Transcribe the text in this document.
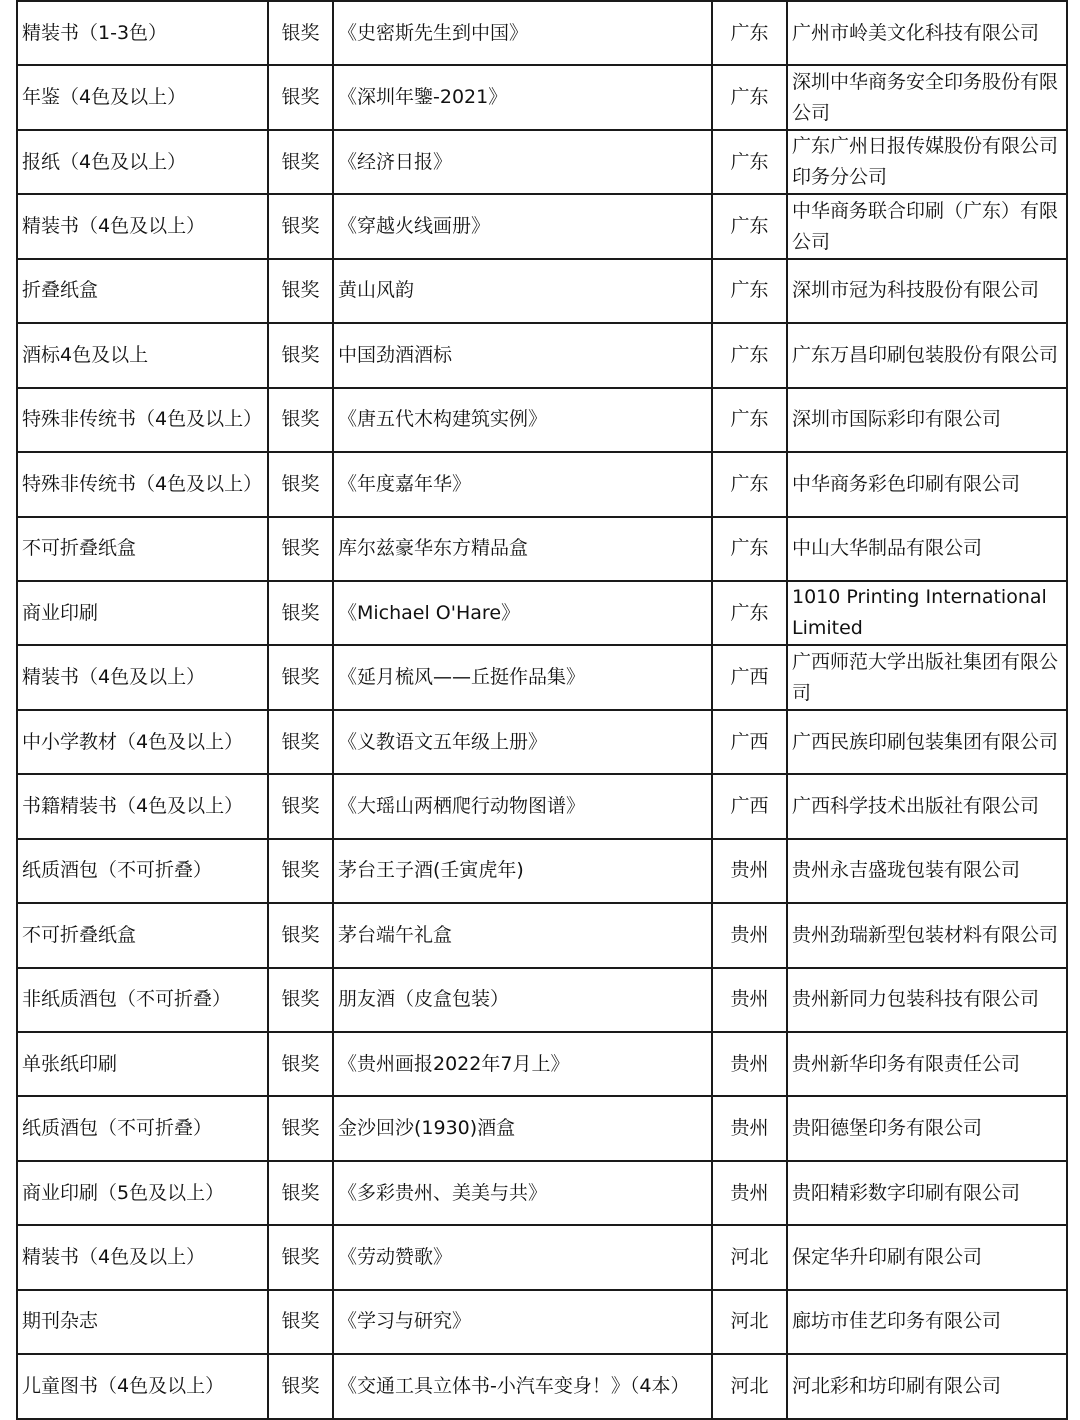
精装书（1-3色）	银奖	《史密斯先生到中国》	广东	广州市岭美文化科技有限公司
年鉴（4色及以上）	银奖	《深圳年鑒-2021》	广东	深圳中华商务安全印务股份有限公司
报纸（4色及以上）	银奖	《经济日报》	广东	广东广州日报传媒股份有限公司印务分公司
精装书（4色及以上）	银奖	《穿越火线画册》	广东	中华商务联合印刷（广东）有限公司
折叠纸盒	银奖	黄山风韵	广东	深圳市冠为科技股份有限公司
酒标4色及以上	银奖	中国劲酒酒标	广东	广东万昌印刷包装股份有限公司
特殊非传统书（4色及以上）	银奖	《唐五代木构建筑实例》	广东	深圳市国际彩印有限公司
特殊非传统书（4色及以上）	银奖	《年度嘉年华》	广东	中华商务彩色印刷有限公司
不可折叠纸盒	银奖	库尔兹豪华东方精品盒	广东	中山大华制品有限公司
商业印刷	银奖	《Michael O'Hare》	广东	1010 Printing International Limited
精装书（4色及以上）	银奖	《延月梳风——丘挺作品集》	广西	广西师范大学出版社集团有限公司
中小学教材（4色及以上）	银奖	《义教语文五年级上册》	广西	广西民族印刷包装集团有限公司
书籍精装书（4色及以上）	银奖	《大瑶山两栖爬行动物图谱》	广西	广西科学技术出版社有限公司
纸质酒包（不可折叠）	银奖	茅台王子酒(壬寅虎年)	贵州	贵州永吉盛珑包装有限公司
不可折叠纸盒	银奖	茅台端午礼盒	贵州	贵州劲瑞新型包装材料有限公司
非纸质酒包（不可折叠）	银奖	朋友酒（皮盒包装）	贵州	贵州新同力包装科技有限公司
单张纸印刷	银奖	《贵州画报2022年7月上》	贵州	贵州新华印务有限责任公司
纸质酒包（不可折叠）	银奖	金沙回沙(1930)酒盒	贵州	贵阳德堡印务有限公司
商业印刷（5色及以上）	银奖	《多彩贵州、美美与共》	贵州	贵阳精彩数字印刷有限公司
精装书（4色及以上）	银奖	《劳动赞歌》	河北	保定华升印刷有限公司
期刊杂志	银奖	《学习与研究》	河北	廊坊市佳艺印务有限公司
儿童图书（4色及以上）	银奖	《交通工具立体书-小汽车变身！》（4本）	河北	河北彩和坊印刷有限公司
